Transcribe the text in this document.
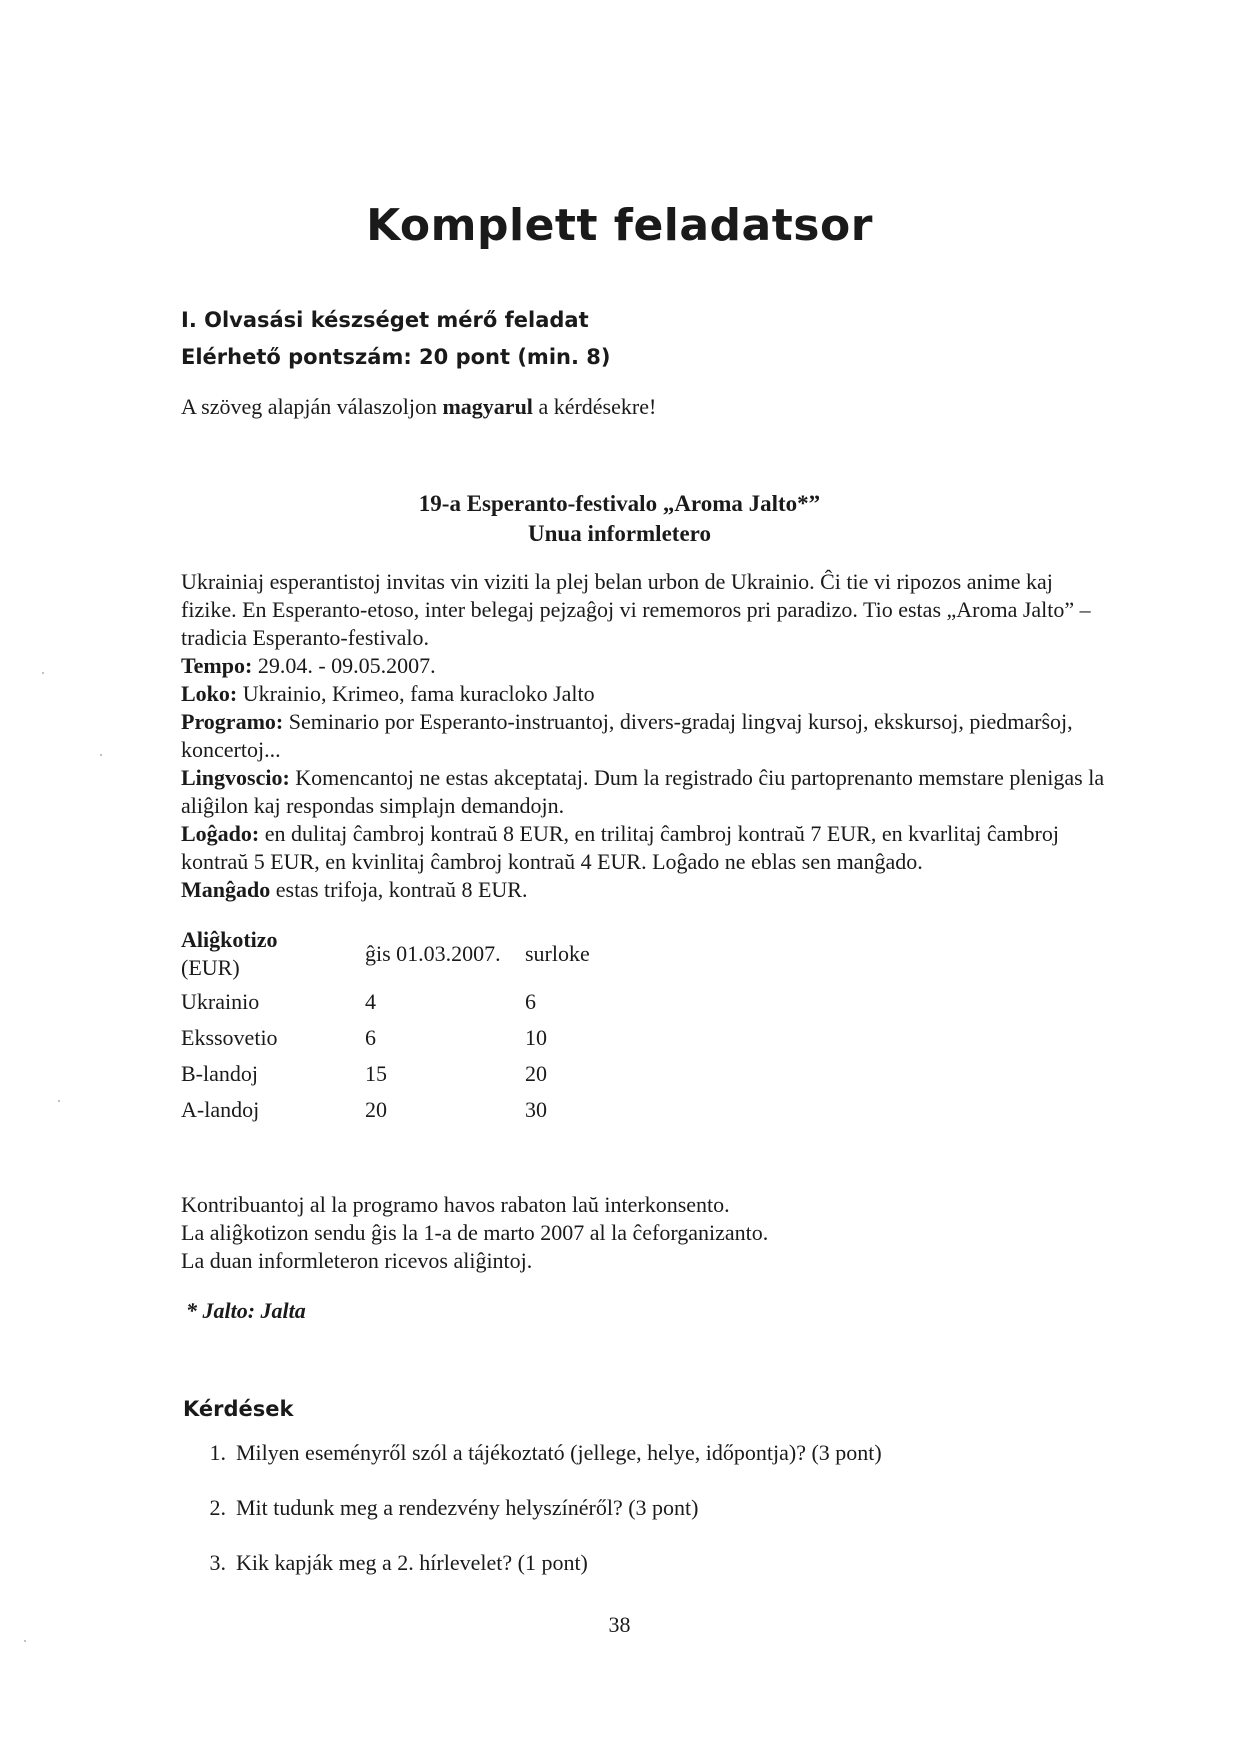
Komplett feladatsor
I. Olvasási készséget mérő feladat
Elérhető pontszám: 20 pont (min. 8)
A szöveg alapján válaszoljon magyarul a kérdésekre!
19-a Esperanto-festivalo „Aroma Jalto*”
Unua informletero

Ukrainiaj esperantistoj invitas vin viziti la plej belan urbon de Ukrainio. Ĉi tie vi ripozos anime kaj fizike. En Esperanto-etoso, inter belegaj pejzaĝoj vi rememoros pri paradizo. Tio estas „Aroma Jalto” – tradicia Esperanto-festivalo.

Tempo: 29.04. - 09.05.2007.

Loko: Ukrainio, Krimeo, fama kuracloko Jalto

Programo: Seminario por Esperanto-instruantoj, divers-gradaj lingvaj kursoj, ekskursoj, piedmarŝoj, koncertoj...

Lingvoscio: Komencantoj ne estas akceptataj. Dum la registrado ĉiu partoprenanto memstare plenigas la aliĝilon kaj respondas simplajn demandojn.

Loĝado: en dulitaj ĉambroj kontraŭ 8 EUR, en trilitaj ĉambroj kontraŭ 7 EUR, en kvarlitaj ĉambroj kontraŭ 5 EUR, en kvinlitaj ĉambroj kontraŭ 4 EUR. Loĝado ne eblas sen manĝado.

Manĝado estas trifoja, kontraŭ 8 EUR.

Aliĝkotizo
(EUR)	ĝis 01.03.2007.	surloke
Ukrainio	4	6
Ekssovetio	6	10
B-landoj	15	20
A-landoj	20	30

Kontribuantoj al la programo havos rabaton laŭ interkonsento.

La aliĝkotizon sendu ĝis la 1-a de marto 2007 al la ĉeforganizanto.

La duan informleteron ricevos aliĝintoj.

* Jalto: Jalta
Kérdések
1. Milyen eseményről szól a tájékoztató (jellege, helye, időpontja)? (3 pont)
2. Mit tudunk meg a rendezvény helyszínéről? (3 pont)
3. Kik kapják meg a 2. hírlevelet? (1 pont)
38
